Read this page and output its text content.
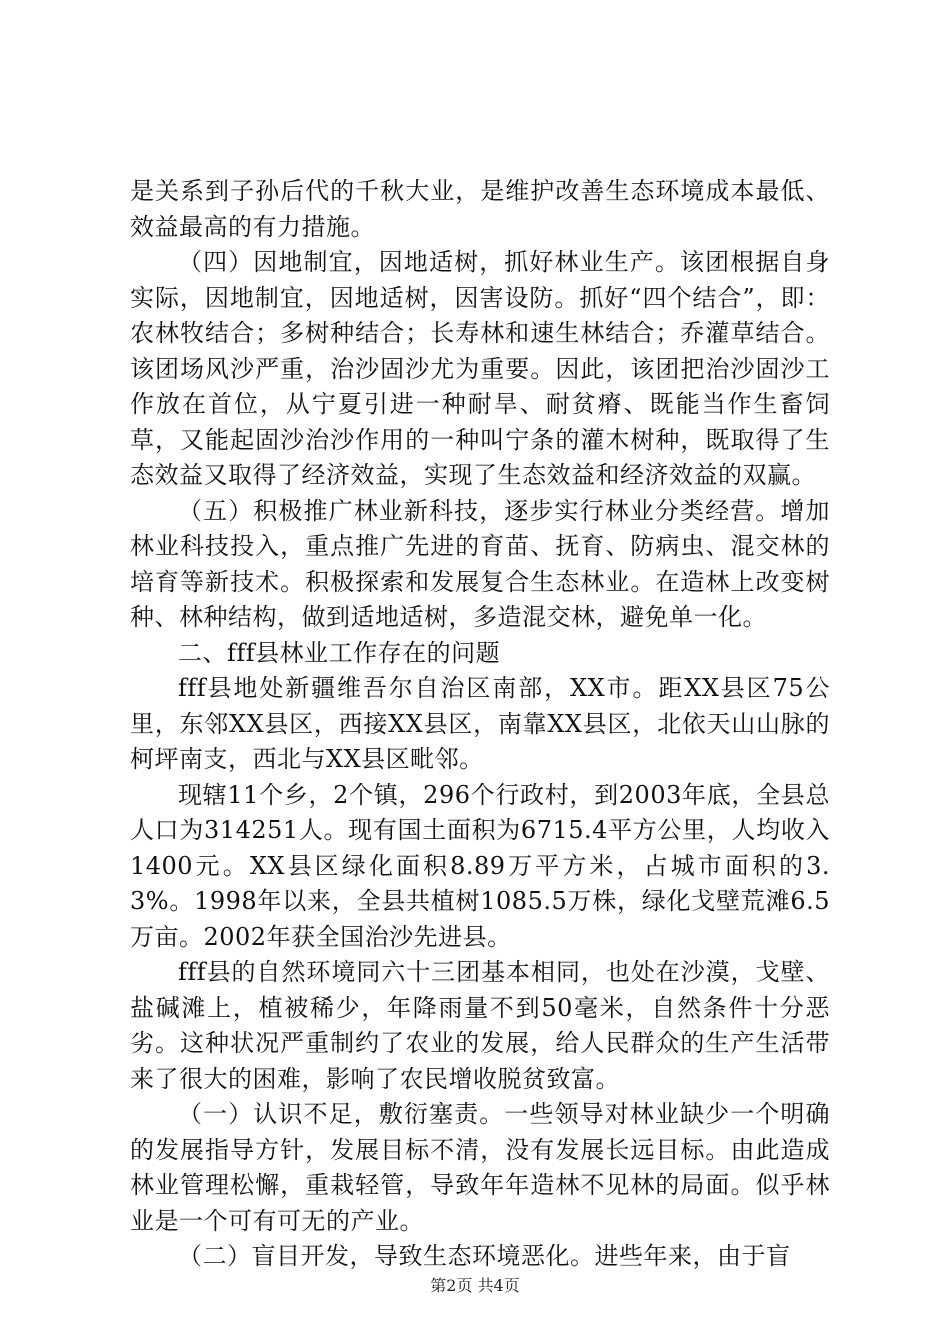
是关系到子孙后代的千秋大业，是维护改善生态环境成本最低、效益最高的有力措施。

（四）因地制宜，因地适树，抓好林业生产。该团根据自身实际，因地制宜，因地适树，因害设防。抓好“四个结合”，即：农林牧结合；多树种结合；长寿林和速生林结合；乔灌草结合。该团场风沙严重，治沙固沙尤为重要。因此，该团把治沙固沙工作放在首位，从宁夏引进一种耐旱、耐贫瘠、既能当作生畜饲草，又能起固沙治沙作用的一种叫宁条的灌木树种，既取得了生态效益又取得了经济效益，实现了生态效益和经济效益的双赢。

（五）积极推广林业新科技，逐步实行林业分类经营。增加林业科技投入，重点推广先进的育苗、抚育、防病虫、混交林的培育等新技术。积极探索和发展复合生态林业。在造林上改变树种、林种结构，做到适地适树，多造混交林，避免单一化。

二、fff县林业工作存在的问题

fff县地处新疆维吾尔自治区南部，XX市。距XX县区75公里，东邻XX县区，西接XX县区，南靠XX县区，北依天山山脉的柯坪南支，西北与XX县区毗邻。

现辖11个乡，2个镇，296个行政村，到2003年底，全县总人口为314251人。现有国土面积为6715.4平方公里，人均收入1400元。XX县区绿化面积8.89万平方米，占城市面积的3.3%。1998年以来，全县共植树1085.5万株，绿化戈壁荒滩6.5万亩。2002年获全国治沙先进县。

fff县的自然环境同六十三团基本相同，也处在沙漠，戈壁、盐碱滩上，植被稀少，年降雨量不到50毫米，自然条件十分恶劣。这种状况严重制约了农业的发展，给人民群众的生产生活带来了很大的困难，影响了农民增收脱贫致富。

（一）认识不足，敷衍塞责。一些领导对林业缺少一个明确的发展指导方针，发展目标不清，没有发展长远目标。由此造成林业管理松懈，重栽轻管，导致年年造林不见林的局面。似乎林业是一个可有可无的产业。

（二）盲目开发，导致生态环境恶化。进些年来，由于盲

第2页 共4页
